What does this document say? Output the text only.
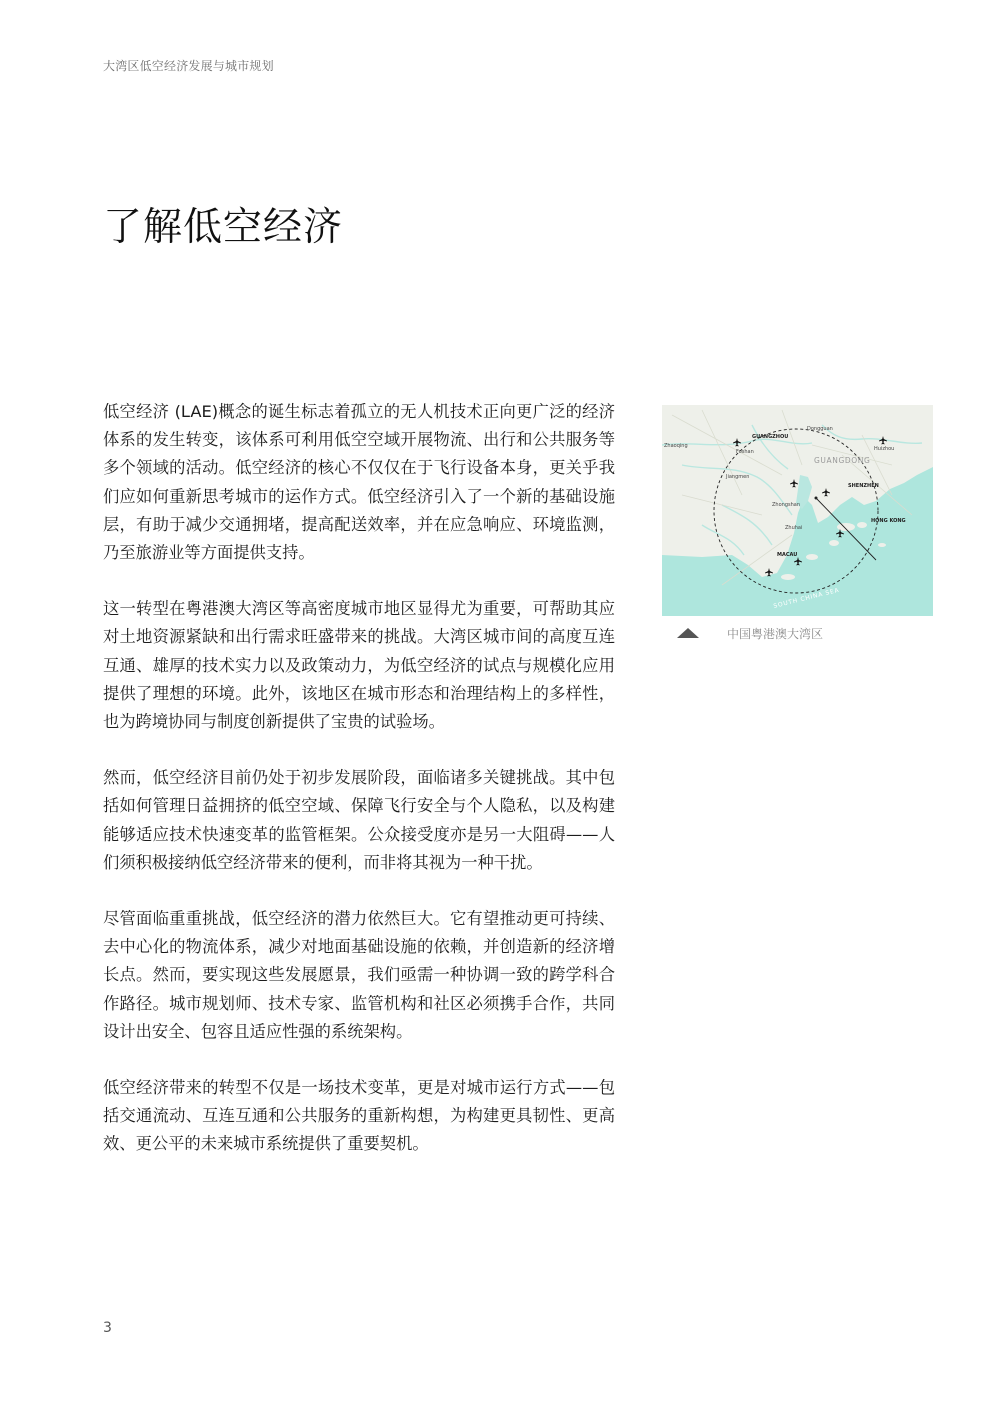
大湾区低空经济发展与城市规划
了解低空经济

低空经济 (LAE)概念的诞生标志着孤立的无人机技术正向更广泛的经济体系的发生转变，该体系可利用低空空域开展物流、出行和公共服务等多个领域的活动。低空经济的核心不仅仅在于飞行设备本身，更关乎我们应如何重新思考城市的运作方式。低空经济引入了一个新的基础设施层，有助于减少交通拥堵，提高配送效率，并在应急响应、环境监测，乃至旅游业等方面提供支持。

这一转型在粤港澳大湾区等高密度城市地区显得尤为重要，可帮助其应对土地资源紧缺和出行需求旺盛带来的挑战。大湾区城市间的高度互连互通、雄厚的技术实力以及政策动力，为低空经济的试点与规模化应用提供了理想的环境。此外，该地区在城市形态和治理结构上的多样性，也为跨境协同与制度创新提供了宝贵的试验场。

然而，低空经济目前仍处于初步发展阶段，面临诸多关键挑战。其中包括如何管理日益拥挤的低空空域、保障飞行安全与个人隐私，以及构建能够适应技术快速变革的监管框架。公众接受度亦是另一大阻碍——人们须积极接纳低空经济带来的便利，而非将其视为一种干扰。

尽管面临重重挑战，低空经济的潜力依然巨大。它有望推动更可持续、去中心化的物流体系，减少对地面基础设施的依赖，并创造新的经济增长点。然而，要实现这些发展愿景，我们亟需一种协调一致的跨学科合作路径。城市规划师、技术专家、监管机构和社区必须携手合作，共同设计出安全、包容且适应性强的系统架构。

低空经济带来的转型不仅是一场技术变革，更是对城市运行方式——包括交通流动、互连互通和公共服务的重新构想，为构建更具韧性、更高效、更公平的未来城市系统提供了重要契机。

Dongguan
GUANGZHOU
Zhaoqing
Foshan	Huizhou
GUANGDONG
Jiangmen
SHENZHEN
Zhongshan
HONG KONG
Zhuhai
MACAU
SOUTH CHINA SEA
中国粤港澳大湾区
3
